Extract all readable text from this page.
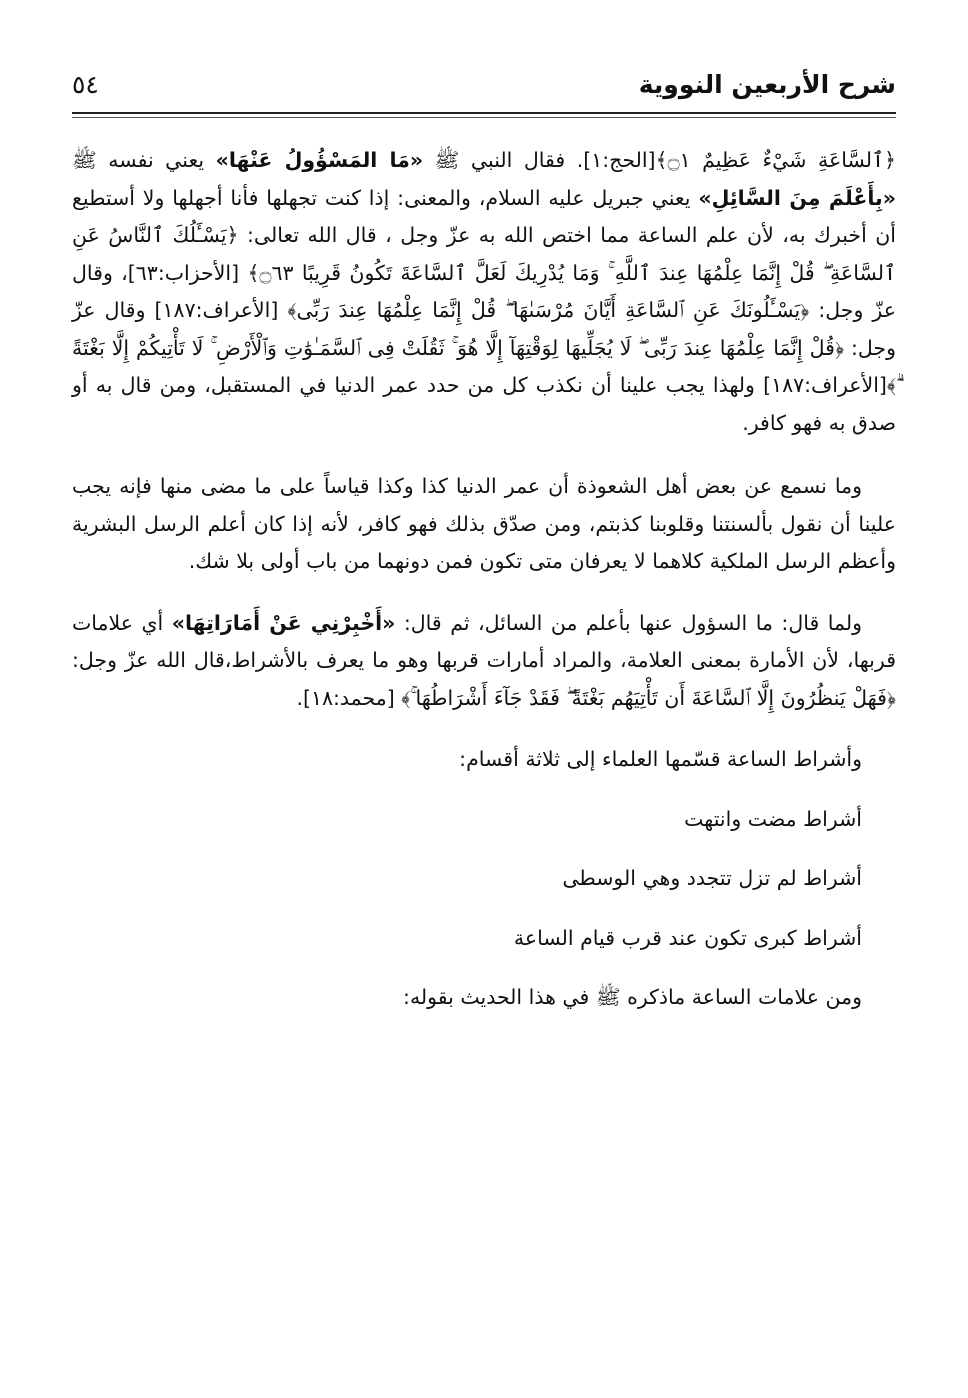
٥٤	شرح الأربعين النووية

﴿ٱلسَّاعَةِ شَيْءٌ عَظِيمٌ ۝١﴾[الحج:١]. فقال النبي ﷺ «مَا المَسْؤُولُ عَنْهَا» يعني نفسه ﷺ «بِأَعْلَمَ مِنَ السَّائِلِ» يعني جبريل عليه السلام، والمعنى: إذا كنت تجهلها فأنا أجهلها ولا أستطيع أن أخبرك به، لأن علم الساعة مما اختص الله به عزّ وجل ، قال الله تعالى: ﴿يَسْـَٔلُكَ ٱلنَّاسُ عَنِ ٱلسَّاعَةِ ۖ قُلْ إِنَّمَا عِلْمُهَا عِندَ ٱللَّهِ ۚ وَمَا يُدْرِيكَ لَعَلَّ ٱلسَّاعَةَ تَكُونُ قَرِيبًا ۝٦٣﴾ [الأحزاب:٦٣]، وقال عزّ وجل: ﴿يَسْـَٔلُونَكَ عَنِ ٱلسَّاعَةِ أَيَّانَ مُرْسَىٰهَا ۖ قُلْ إِنَّمَا عِلْمُهَا عِندَ رَبِّى﴾ [الأعراف:١٨٧] وقال عزّ وجل: ﴿قُلْ إِنَّمَا عِلْمُهَا عِندَ رَبِّى ۖ لَا يُجَلِّيهَا لِوَقْتِهَآ إِلَّا هُوَ ۚ ثَقُلَتْ فِى ٱلسَّمَـٰوَٰتِ وَٱلْأَرْضِ ۚ لَا تَأْتِيكُمْ إِلَّا بَغْتَةً ۗ﴾[الأعراف:١٨٧] ولهذا يجب علينا أن نكذب كل من حدد عمر الدنيا في المستقبل، ومن قال به أو صدق به فهو كافر.

وما نسمع عن بعض أهل الشعوذة أن عمر الدنيا كذا وكذا قياساً على ما مضى منها فإنه يجب علينا أن نقول بألسنتنا وقلوبنا كذبتم، ومن صدّق بذلك فهو كافر، لأنه إذا كان أعلم الرسل البشرية وأعظم الرسل الملكية كلاهما لا يعرفان متى تكون فمن دونهما من باب أولى بلا شك.

ولما قال: ما السؤول عنها بأعلم من السائل، ثم قال: «أَخْبِرْنِي عَنْ أَمَارَاتِهَا» أي علامات قربها، لأن الأمارة بمعنى العلامة، والمراد أمارات قربها وهو ما يعرف بالأشراط،قال الله عزّ وجل: ﴿فَهَلْ يَنظُرُونَ إِلَّا ٱلسَّاعَةَ أَن تَأْتِيَهُم بَغْتَةً ۖ فَقَدْ جَآءَ أَشْرَاطُهَا ۚ﴾ [محمد:١٨].

وأشراط الساعة قسّمها العلماء إلى ثلاثة أقسام:
أشراط مضت وانتهت
أشراط لم تزل تتجدد وهي الوسطى
أشراط كبرى تكون عند قرب قيام الساعة
ومن علامات الساعة ماذكره ﷺ في هذا الحديث بقوله:
